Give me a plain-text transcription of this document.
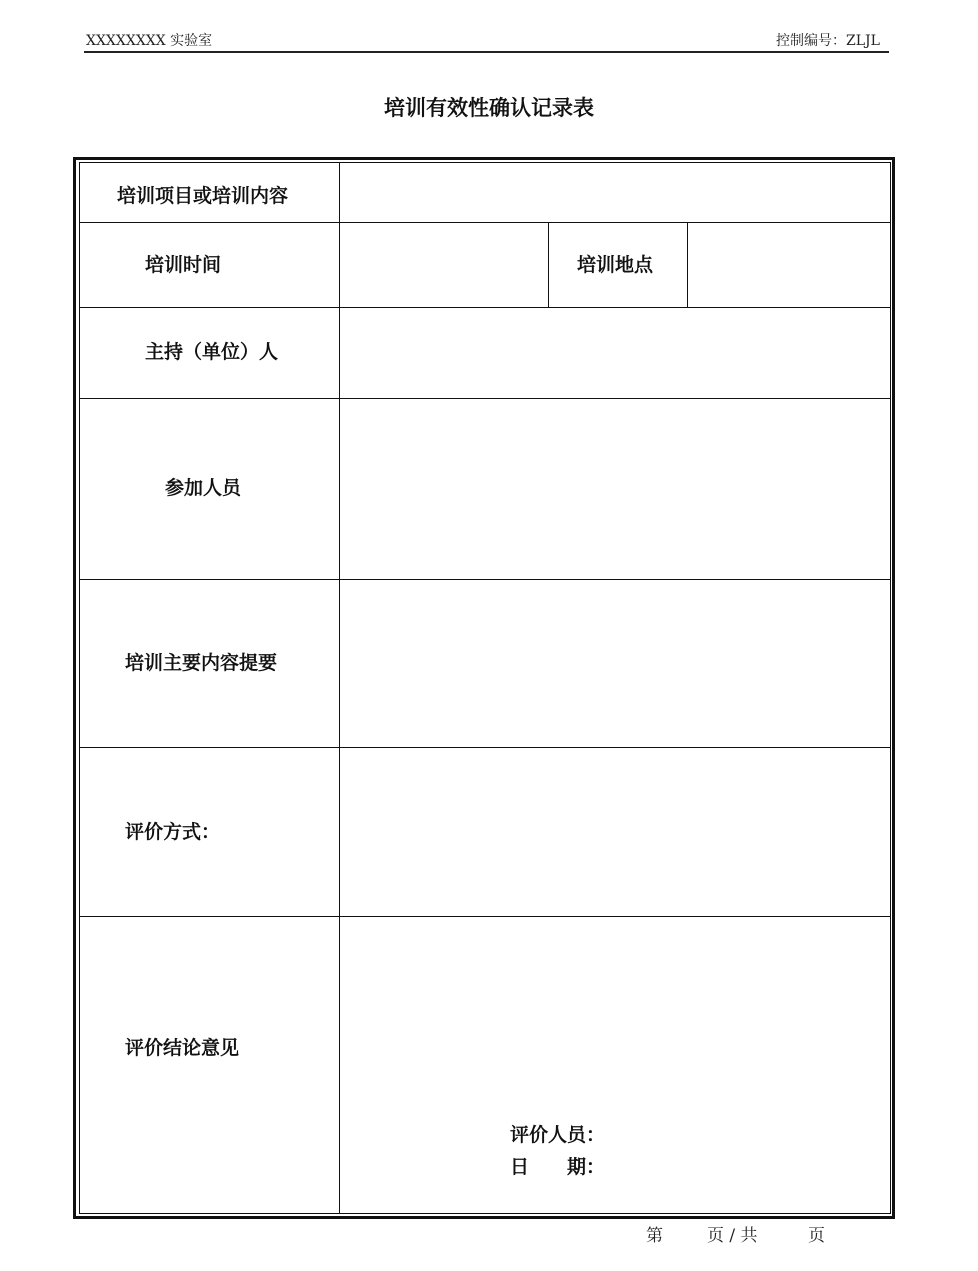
XXXXXXXX 实验室	控制编号：ZLJL
培训有效性确认记录表
培训项目或培训内容
培训时间	培训地点
主持（单位）人
参加人员
培训主要内容提要
评价方式：
评价结论意见
评价人员：
日　　期：
第	页 / 共	页
